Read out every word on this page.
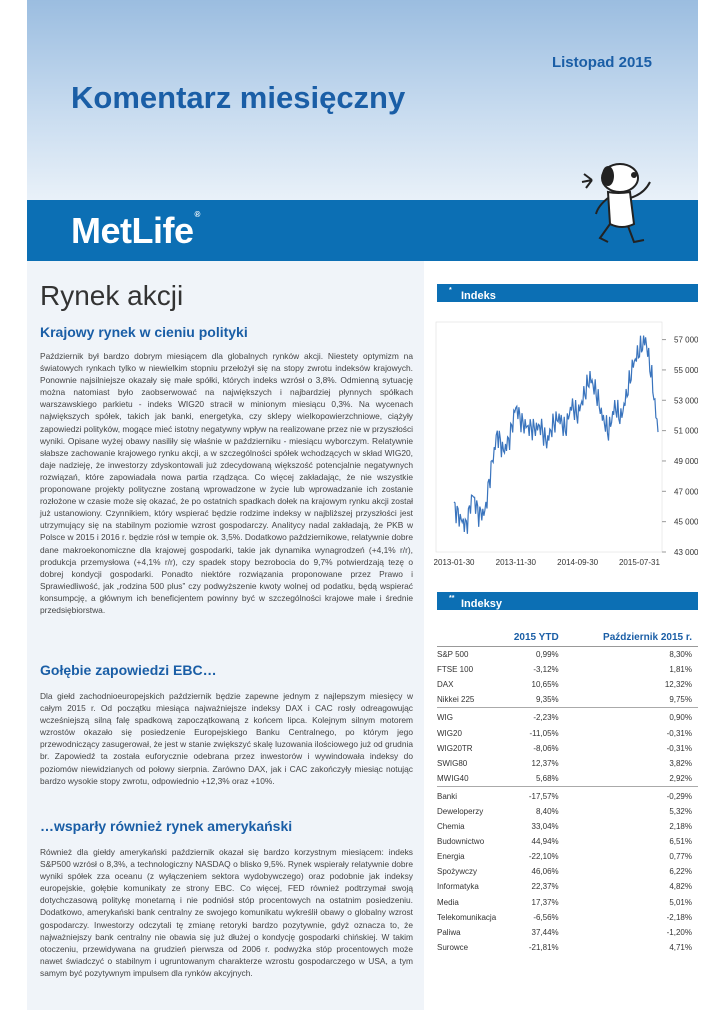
Listopad 2015
Komentarz miesięczny
MetLife®
Rynek akcji
Krajowy rynek w cieniu polityki

Październik był bardzo dobrym miesiącem dla globalnych rynków akcji. Niestety optymizm na światowych rynkach tylko w niewielkim stopniu przełożył się na stopy zwrotu indeksów krajowych. Ponownie najsilniejsze okazały się małe spółki, których indeks wzrósł o 3,8%. Odmienną sytuację można natomiast było zaobserwować na największych i najbardziej płynnych spółkach warszawskiego parkietu - indeks WIG20 stracił w minionym miesiącu 0,3%. Na wycenach największych spółek, takich jak banki, energetyka, czy sklepy wielkopowierzchniowe, ciążyły zapowiedzi polityków, mogące mieć istotny negatywny wpływ na realizowane przez nie w przyszłości wyniki. Opisane wyżej obawy nasiliły się właśnie w październiku - miesiącu wyborczym. Relatywnie słabsze zachowanie krajowego rynku akcji, a w szczególności spółek wchodzących w skład WIG20, daje nadzieję, że inwestorzy zdyskontowali już zdecydowaną większość potencjalnie negatywnych rozwiązań, które zapowiadała nowa partia rządząca. Co więcej zakładając, że nie wszystkie proponowane projekty polityczne zostaną wprowadzone w życie lub wprowadzanie ich zostanie rozłożone w czasie może się okazać, że po ostatnich spadkach dołek na krajowym rynku akcji został już ustanowiony. Czynnikiem, który wspierać będzie rodzime indeksy w najbliższej przyszłości jest utrzymujący się na stabilnym poziomie wzrost gospodarczy. Analitycy nadal zakładają, że PKB w Polsce w 2015 i 2016 r. będzie rósł w tempie ok. 3,5%. Dodatkowo październikowe, relatywnie dobre dane makroekonomiczne dla krajowej gospodarki, takie jak dynamika wynagrodzeń (+4,1% r/r), produkcja przemysłowa (+4,1% r/r), czy spadek stopy bezrobocia do 9,7% potwierdzają tezę o dobrej kondycji gospodarki. Ponadto niektóre rozwiązania proponowane przez Prawo i Sprawiedliwość, jak „rodzina 500 plus” czy podwyższenie kwoty wolnej od podatku, będą wspierać konsumpcję, a głównym ich beneficjentem powinny być w szczególności krajowe małe i średnie przedsiębiorstwa.

Gołębie zapowiedzi EBC…

Dla giełd zachodnioeuropejskich październik będzie zapewne jednym z najlepszym miesięcy w całym 2015 r. Od początku miesiąca najważniejsze indeksy DAX i CAC rosły odreagowując wcześniejszą silną falę spadkową zapoczątkowaną z końcem lipca. Kolejnym silnym motorem wzrostów okazało się posiedzenie Europejskiego Banku Centralnego, po którym jego przewodniczący zasugerował, że jest w stanie zwiększyć skalę luzowania ilościowego już od grudnia br. Zapowiedź ta została euforycznie odebrana przez inwestorów i wywindowała indeksy do poziomów niewidzianych od połowy sierpnia. Zarówno DAX, jak i CAC zakończyły miesiąc notując bardzo wysokie stopy zwrotu, odpowiednio +12,3% oraz +10%.

…wsparły również rynek amerykański

Również dla giełdy amerykański październik okazał się bardzo korzystnym miesiącem: indeks S&P500 wzrósł o 8,3%, a technologiczny NASDAQ o blisko 9,5%. Rynek wspierały relatywnie dobre wyniki spółek zza oceanu (z wyłączeniem sektora wydobywczego) oraz podobnie jak indeksy europejskie, gołębie komunikaty ze strony EBC. Co więcej, FED również podtrzymał swoją dotychczasową politykę monetarną i nie podniósł stóp procentowych na ostatnim posiedzeniu. Dodatkowo, amerykański bank centralny ze swojego komunikatu wykreślił obawy o globalny wzrost gospodarczy. Inwestorzy odczytali tę zmianę retoryki bardzo pozytywnie, gdyż oznacza to, że najważniejszy bank centralny nie obawia się już dłużej o kondycję gospodarki chińskiej. W takim otoczeniu, przewidywana na grudzień pierwsza od 2006 r. podwyżka stóp procentowych może nawet świadczyć o stabilnym i ugruntowanym charakterze wzrostu gospodarczego w USA, a tym samym być pozytywnym impulsem dla rynków akcyjnych.

Indeks WIG
*
43 000
45 000
47 000
49 000
51 000
53 000
55 000
57 000
2013-01-30	2013-11-30	2014-09-30	2015-07-31
Indeksy giełdowe
**
	2015 YTD	Październik 2015 r.
S&P 500	0,99%	8,30%
FTSE 100	-3,12%	1,81%
DAX	10,65%	12,32%
Nikkei 225	9,35%	9,75%
WIG	-2,23%	0,90%
WIG20	-11,05%	-0,31%
WIG20TR	-8,06%	-0,31%
SWIG80	12,37%	3,82%
MWIG40	5,68%	2,92%
Banki	-17,57%	-0,29%
Deweloperzy	8,40%	5,32%
Chemia	33,04%	2,18%
Budownictwo	44,94%	6,51%
Energia	-22,10%	0,77%
Spożywczy	46,06%	6,22%
Informatyka	22,37%	4,82%
Media	17,37%	5,01%
Telekomunikacja	-6,56%	-2,18%
Paliwa	37,44%	-1,20%
Surowce	-21,81%	4,71%
